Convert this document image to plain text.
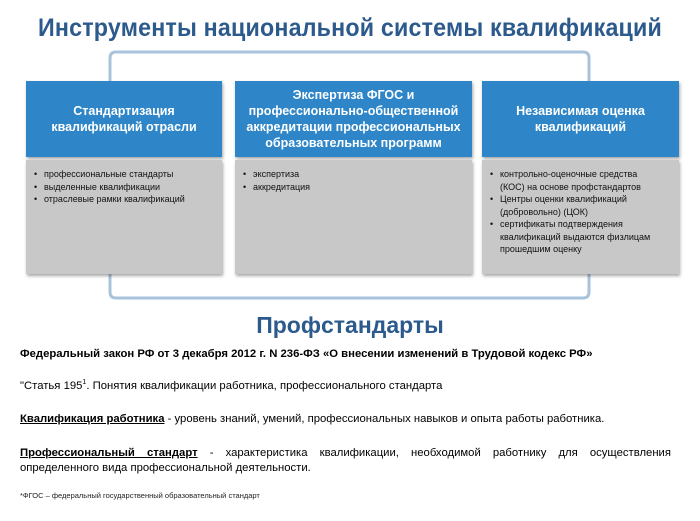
Инструменты национальной системы квалификаций
Стандартизация квалификаций отрасли
• профессиональные стандарты
• выделенные квалификации
• отраслевые рамки квалификаций
Экспертиза ФГОС и профессионально-общественной аккредитации профессиональных образовательных программ
• экспертиза
• аккредитация
Независимая оценка квалификаций
• контрольно-оценочные средства (КОС) на основе профстандартов
• Центры оценки квалификаций (добровольно) (ЦОК)
• сертификаты подтверждения квалификаций выдаются физлицам прошедшим оценку
Профстандарты
Федеральный закон РФ от 3 декабря 2012 г. N 236-ФЗ «О внесении изменений в Трудовой кодекс РФ»
"Статья $195^1$. Понятия квалификации работника, профессионального стандарта
Квалификация работника - уровень знаний, умений, профессиональных навыков и опыта работы работника.
Профессиональный стандарт - характеристика квалификации, необходимой работнику для осуществления определенного вида профессиональной деятельности.
*ФГОС – федеральный государственный образовательный стандарт
